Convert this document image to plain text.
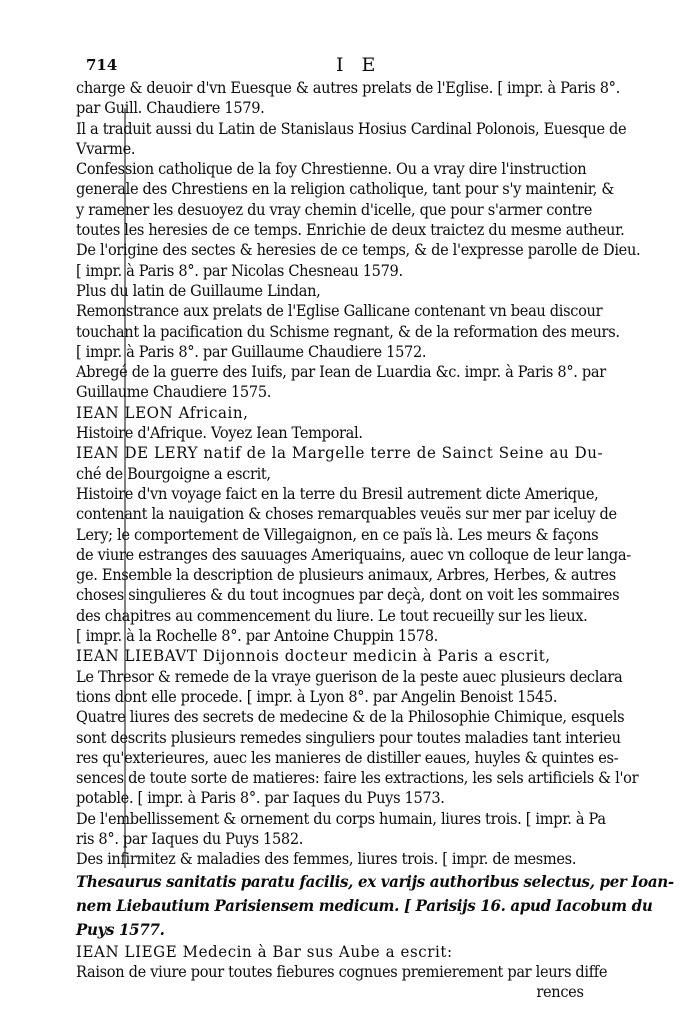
714	I E
charge & deuoir d'vn Euesque & autres prelats de l'Eglise. [ impr. à Paris 8°.
par Guill. Chaudiere 1579.
Il a traduit aussi du Latin de Stanislaus Hosius Cardinal Polonois, Euesque de
Vvarme.
Confession catholique de la foy Chrestienne. Ou a vray dire l'instruction
generale des Chrestiens en la religion catholique, tant pour s'y maintenir, &
y ramener les desuoyez du vray chemin d'icelle, que pour s'armer contre
toutes les heresies de ce temps. Enrichie de deux traictez du mesme autheur.
De l'origine des sectes & heresies de ce temps, & de l'expresse parolle de Dieu.
[ impr. à Paris 8°. par Nicolas Chesneau 1579.
Plus du latin de Guillaume Lindan,
Remonstrance aux prelats de l'Eglise Gallicane contenant vn beau discour
touchant la pacification du Schisme regnant, & de la reformation des meurs.
[ impr. à Paris 8°. par Guillaume Chaudiere 1572.
Abregé de la guerre des Iuifs, par Iean de Luardia &c. impr. à Paris 8°. par
Guillaume Chaudiere 1575.
IEAN LEON Africain,
Histoire d'Afrique. Voyez Iean Temporal.
IEAN DE LERY natif de la Margelle terre de Sainct Seine au Du-
ché de Bourgoigne a escrit,
Histoire d'vn voyage faict en la terre du Bresil autrement dicte Amerique,
contenant la nauigation & choses remarquables veuës sur mer par iceluy de
Lery; le comportement de Villegaignon, en ce païs là. Les meurs & façons
de viure estranges des sauuages Ameriquains, auec vn colloque de leur langa-
ge. Ensemble la description de plusieurs animaux, Arbres, Herbes, & autres
choses singulieres & du tout incognues par deçà, dont on voit les sommaires
des chapitres au commencement du liure. Le tout recueilly sur les lieux.
[ impr. à la Rochelle 8°. par Antoine Chuppin 1578.
IEAN LIEBAVT Dijonnois docteur medicin à Paris a escrit,
Le Thresor & remede de la vraye guerison de la peste auec plusieurs declara
tions dont elle procede. [ impr. à Lyon 8°. par Angelin Benoist 1545.
Quatre liures des secrets de medecine & de la Philosophie Chimique, esquels
sont descrits plusieurs remedes singuliers pour toutes maladies tant interieu
res qu'exterieures, auec les manieres de distiller eaues, huyles & quintes es-
sences de toute sorte de matieres: faire les extractions, les sels artificiels & l'or
potable. [ impr. à Paris 8°. par Iaques du Puys 1573.
De l'embellissement & ornement du corps humain, liures trois. [ impr. à Pa
ris 8°. par Iaques du Puys 1582.
Des infirmitez & maladies des femmes, liures trois. [ impr. de mesmes.
Thesaurus sanitatis paratu facilis, ex varijs authoribus selectus, per Ioan-
nem Liebautium Parisiensem medicum. [ Parisijs 16. apud Iacobum du
Puys 1577.
IEAN LIEGE Medecin à Bar sus Aube a escrit:
Raison de viure pour toutes fiebures cognues premierement par leurs diffe
rences
